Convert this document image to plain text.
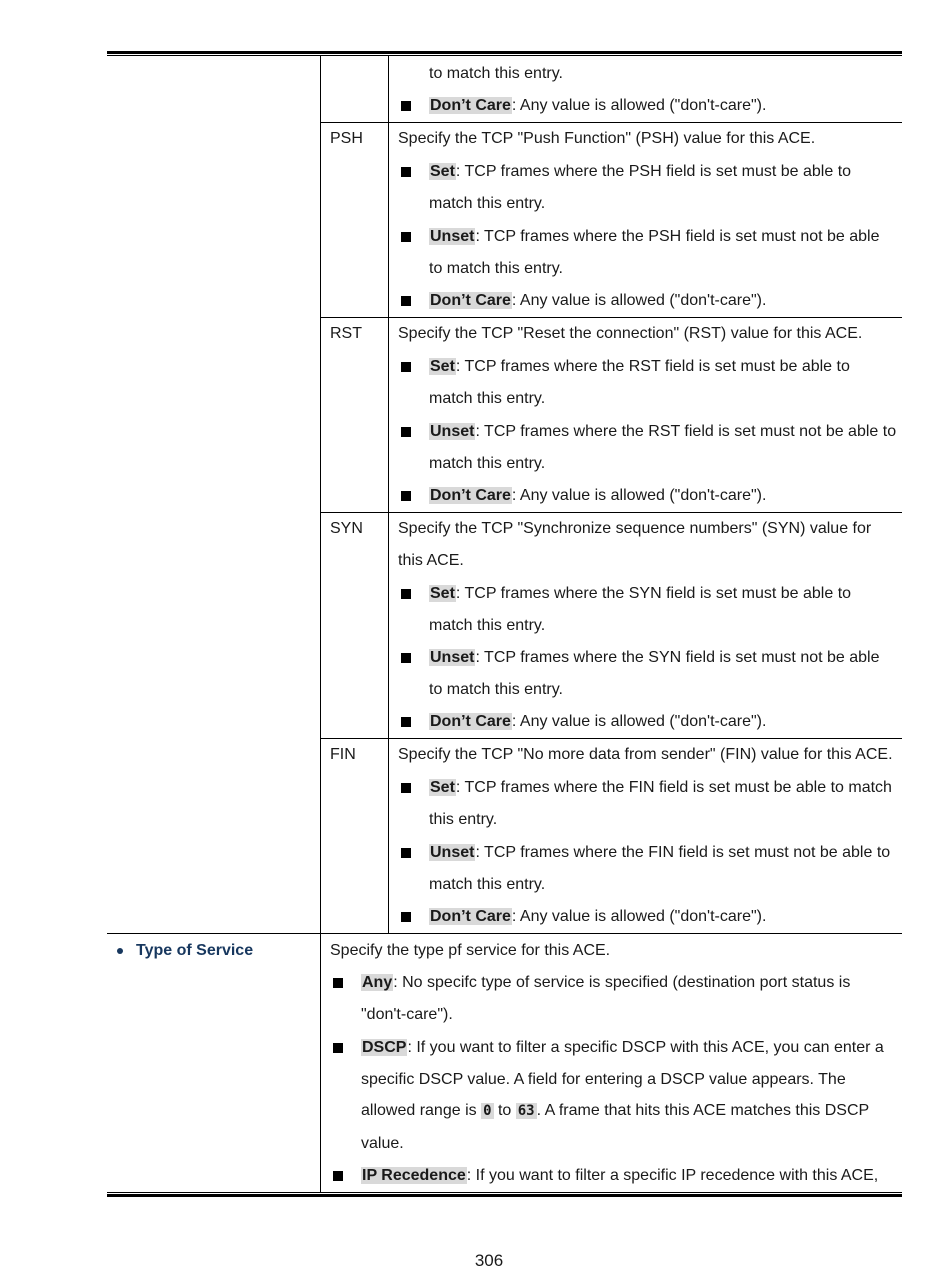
to match this entry.
Don’t Care: Any value is allowed ("don't-care").
PSH Specify the TCP "Push Function" (PSH) value for this ACE.
Set: TCP frames where the PSH field is set must be able to
match this entry.
Unset: TCP frames where the PSH field is set must not be able
to match this entry.
Don’t Care: Any value is allowed ("don't-care").
RST Specify the TCP "Reset the connection" (RST) value for this ACE.
Set: TCP frames where the RST field is set must be able to
match this entry.
Unset: TCP frames where the RST field is set must not be able to
match this entry.
Don’t Care: Any value is allowed ("don't-care").
SYN Specify the TCP "Synchronize sequence numbers" (SYN) value for
this ACE.
Set: TCP frames where the SYN field is set must be able to
match this entry.
Unset: TCP frames where the SYN field is set must not be able
to match this entry.
Don’t Care: Any value is allowed ("don't-care").
FIN	Specify the TCP "No more data from sender" (FIN) value for this ACE.
Set: TCP frames where the FIN field is set must be able to match
this entry.
Unset: TCP frames where the FIN field is set must not be able to
match this entry.
Don’t Care: Any value is allowed ("don't-care").
Type of Service	Specify the type pf service for this ACE.
Any: No specifc type of service is specified (destination port status is
"don't-care").
DSCP: If you want to filter a specific DSCP with this ACE, you can enter a
specific DSCP value. A field for entering a DSCP value appears. The
allowed range is 0 to 63 . A frame that hits this ACE matches this DSCP
value.
IP Recedence: If you want to filter a specific IP recedence with this ACE,
306
